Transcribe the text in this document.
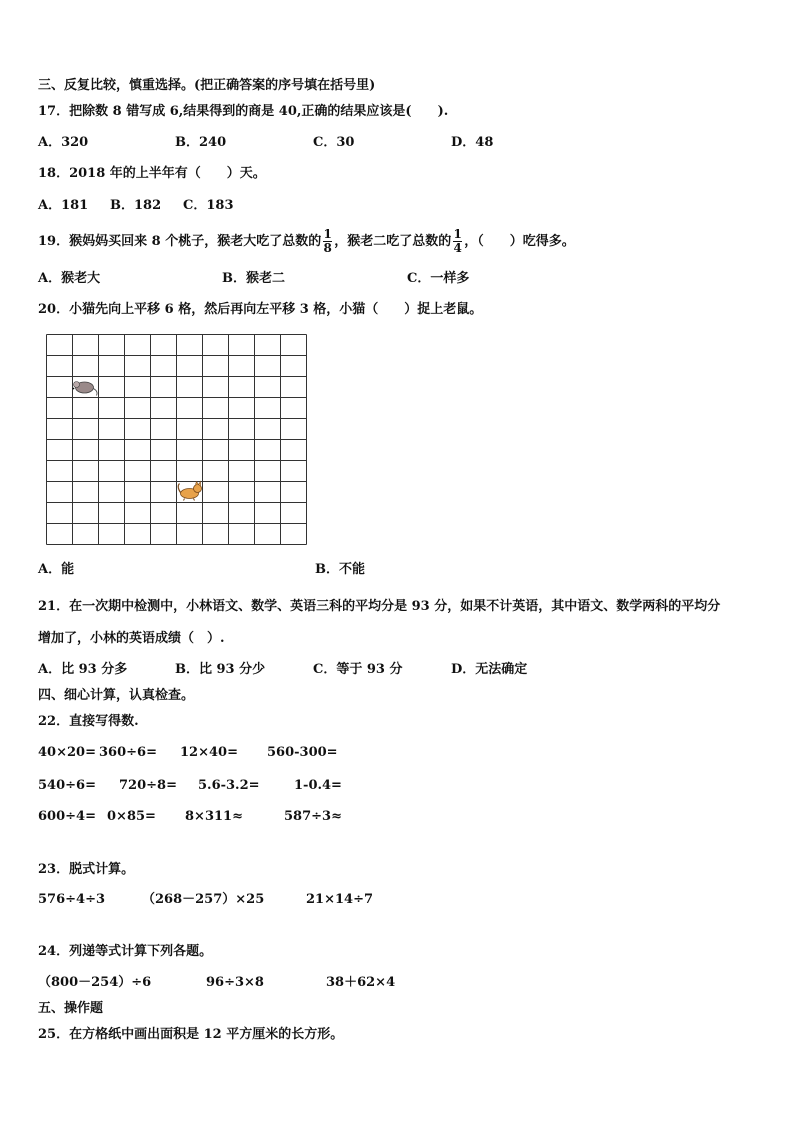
三、反复比较，慎重选择。(把正确答案的序号填在括号里)
17．把除数 8 错写成 6,结果得到的商是 40,正确的结果应该是(　　).
A．320	B．240	C．30	D．48
18．2018 年的上半年有（　　）天。
A．181 B．182 C．183
19．猴妈妈买回来 8 个桃子，猴老大吃了总数的 $\frac{1}{8}$ ，猴老二吃了总数的 $\frac{1}{4}$ ，（　　）吃得多。
A．猴老大	B．猴老二	C．一样多
20．小猫先向上平移 6 格，然后再向左平移 3 格，小猫（　　）捉上老鼠。
A．能	B．不能
21．在一次期中检测中，小林语文、数学、英语三科的平均分是 93 分，如果不计英语，其中语文、数学两科的平均分
增加了，小林的英语成绩（　）.
A．比 93 分多	B．比 93 分少	C．等于 93 分	D．无法确定
四、细心计算，认真检查。
22．直接写得数.
40×20= 360÷6= 12×40= 560-300=
540÷6= 720÷8= 5.6-3.2=	1-0.4=
600÷4= 0×85= 8×311≈	587÷3≈
23．脱式计算。
576÷4÷3	（268－257）×25	21×14÷7
24．列递等式计算下列各题。
（800－254）÷6	96÷3×8	38＋62×4
五、操作题
25．在方格纸中画出面积是 12 平方厘米的长方形。
